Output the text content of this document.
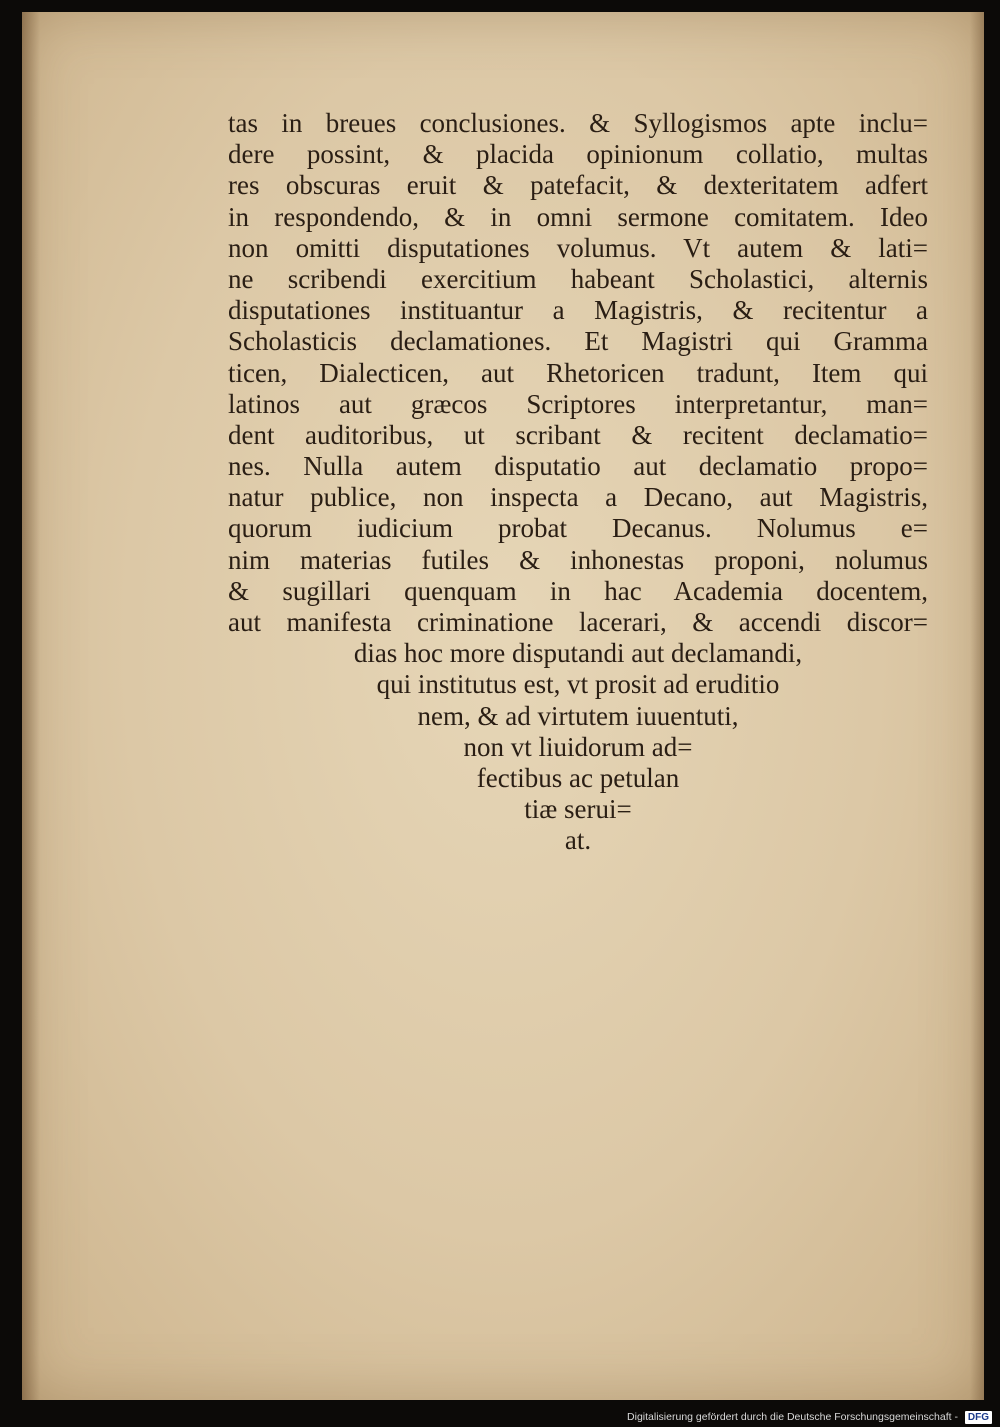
tas in breues conclusiones. & Syllogismos apte inclu=
dere possint, & placida opinionum collatio, multas
res obscuras eruit & patefacit, & dexteritatem adfert
in respondendo, & in omni sermone comitatem. Ideo
non omitti disputationes volumus. Vt autem & lati=
ne scribendi exercitium habeant Scholastici, alternis
disputationes instituantur a Magistris, & recitentur a
Scholasticis declamationes. Et Magistri qui Gramma
ticen, Dialecticen, aut Rhetoricen tradunt, Item qui
latinos aut græcos Scriptores interpretantur, man=
dent auditoribus, ut scribant & recitent declamatio=
nes. Nulla autem disputatio aut declamatio propo=
natur publice, non inspecta a Decano, aut Magistris,
quorum iudicium probat Decanus. Nolumus e=
nim materias futiles & inhonestas proponi, nolumus
& sugillari quenquam in hac Academia docentem,
aut manifesta criminatione lacerari, & accendi discor=
dias hoc more disputandi aut declamandi,
qui institutus est, vt prosit ad eruditio
nem, & ad virtutem iuuentuti,
non vt liuidorum ad=
fectibus ac petulan
tiæ serui=
at.
Digitalisierung gefördert durch die Deutsche Forschungsgemeinschaft - DFG
